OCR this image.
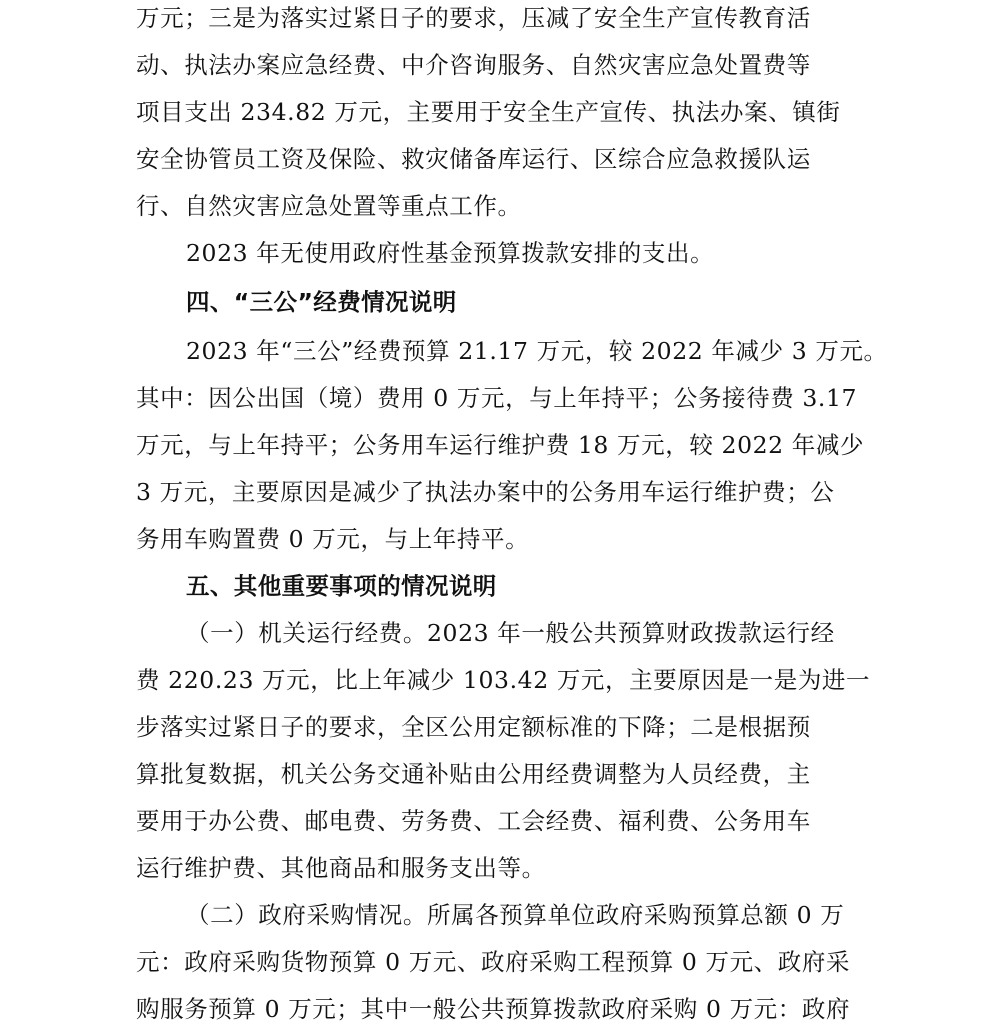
万元；三是为落实过紧日子的要求，压减了安全生产宣传教育活
动、执法办案应急经费、中介咨询服务、自然灾害应急处置费等
项目支出 234.82 万元，主要用于安全生产宣传、执法办案、镇街
安全协管员工资及保险、救灾储备库运行、区综合应急救援队运
行、自然灾害应急处置等重点工作。
2023 年无使用政府性基金预算拨款安排的支出。
四、“三公”经费情况说明
2023 年“三公”经费预算 21.17 万元，较 2022 年减少 3 万元。
其中：因公出国（境）费用 0 万元，与上年持平；公务接待费 3.17
万元，与上年持平；公务用车运行维护费 18 万元，较 2022 年减少
3 万元，主要原因是减少了执法办案中的公务用车运行维护费；公
务用车购置费 0 万元，与上年持平。
五、其他重要事项的情况说明
（一）机关运行经费。2023 年一般公共预算财政拨款运行经
费 220.23 万元，比上年减少 103.42 万元，主要原因是一是为进一
步落实过紧日子的要求，全区公用定额标准的下降；二是根据预
算批复数据，机关公务交通补贴由公用经费调整为人员经费，主
要用于办公费、邮电费、劳务费、工会经费、福利费、公务用车
运行维护费、其他商品和服务支出等。
（二）政府采购情况。所属各预算单位政府采购预算总额 0 万
元：政府采购货物预算 0 万元、政府采购工程预算 0 万元、政府采
购服务预算 0 万元；其中一般公共预算拨款政府采购 0 万元：政府
